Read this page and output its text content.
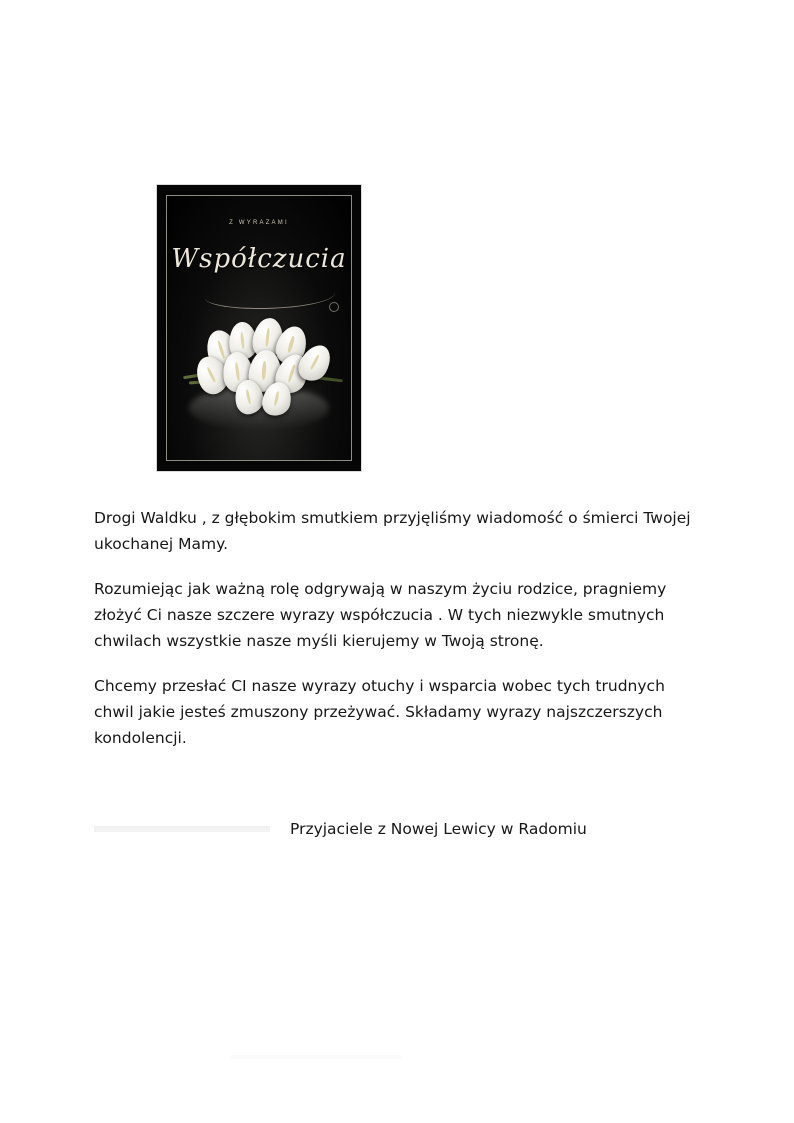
Z WYRAZAMI
Współczucia

Drogi Waldku , z głębokim smutkiem przyjęliśmy wiadomość o śmierci Twojej ukochanej Mamy.

Rozumiejąc jak ważną rolę odgrywają w naszym życiu rodzice, pragniemy złożyć Ci nasze szczere wyrazy współczucia . W tych niezwykle smutnych chwilach wszystkie nasze myśli kierujemy w Twoją stronę.

Chcemy przesłać CI nasze wyrazy otuchy i wsparcia wobec tych trudnych chwil jakie jesteś zmuszony przeżywać. Składamy wyrazy najszczerszych kondolencji.

Przyjaciele z Nowej Lewicy w Radomiu
